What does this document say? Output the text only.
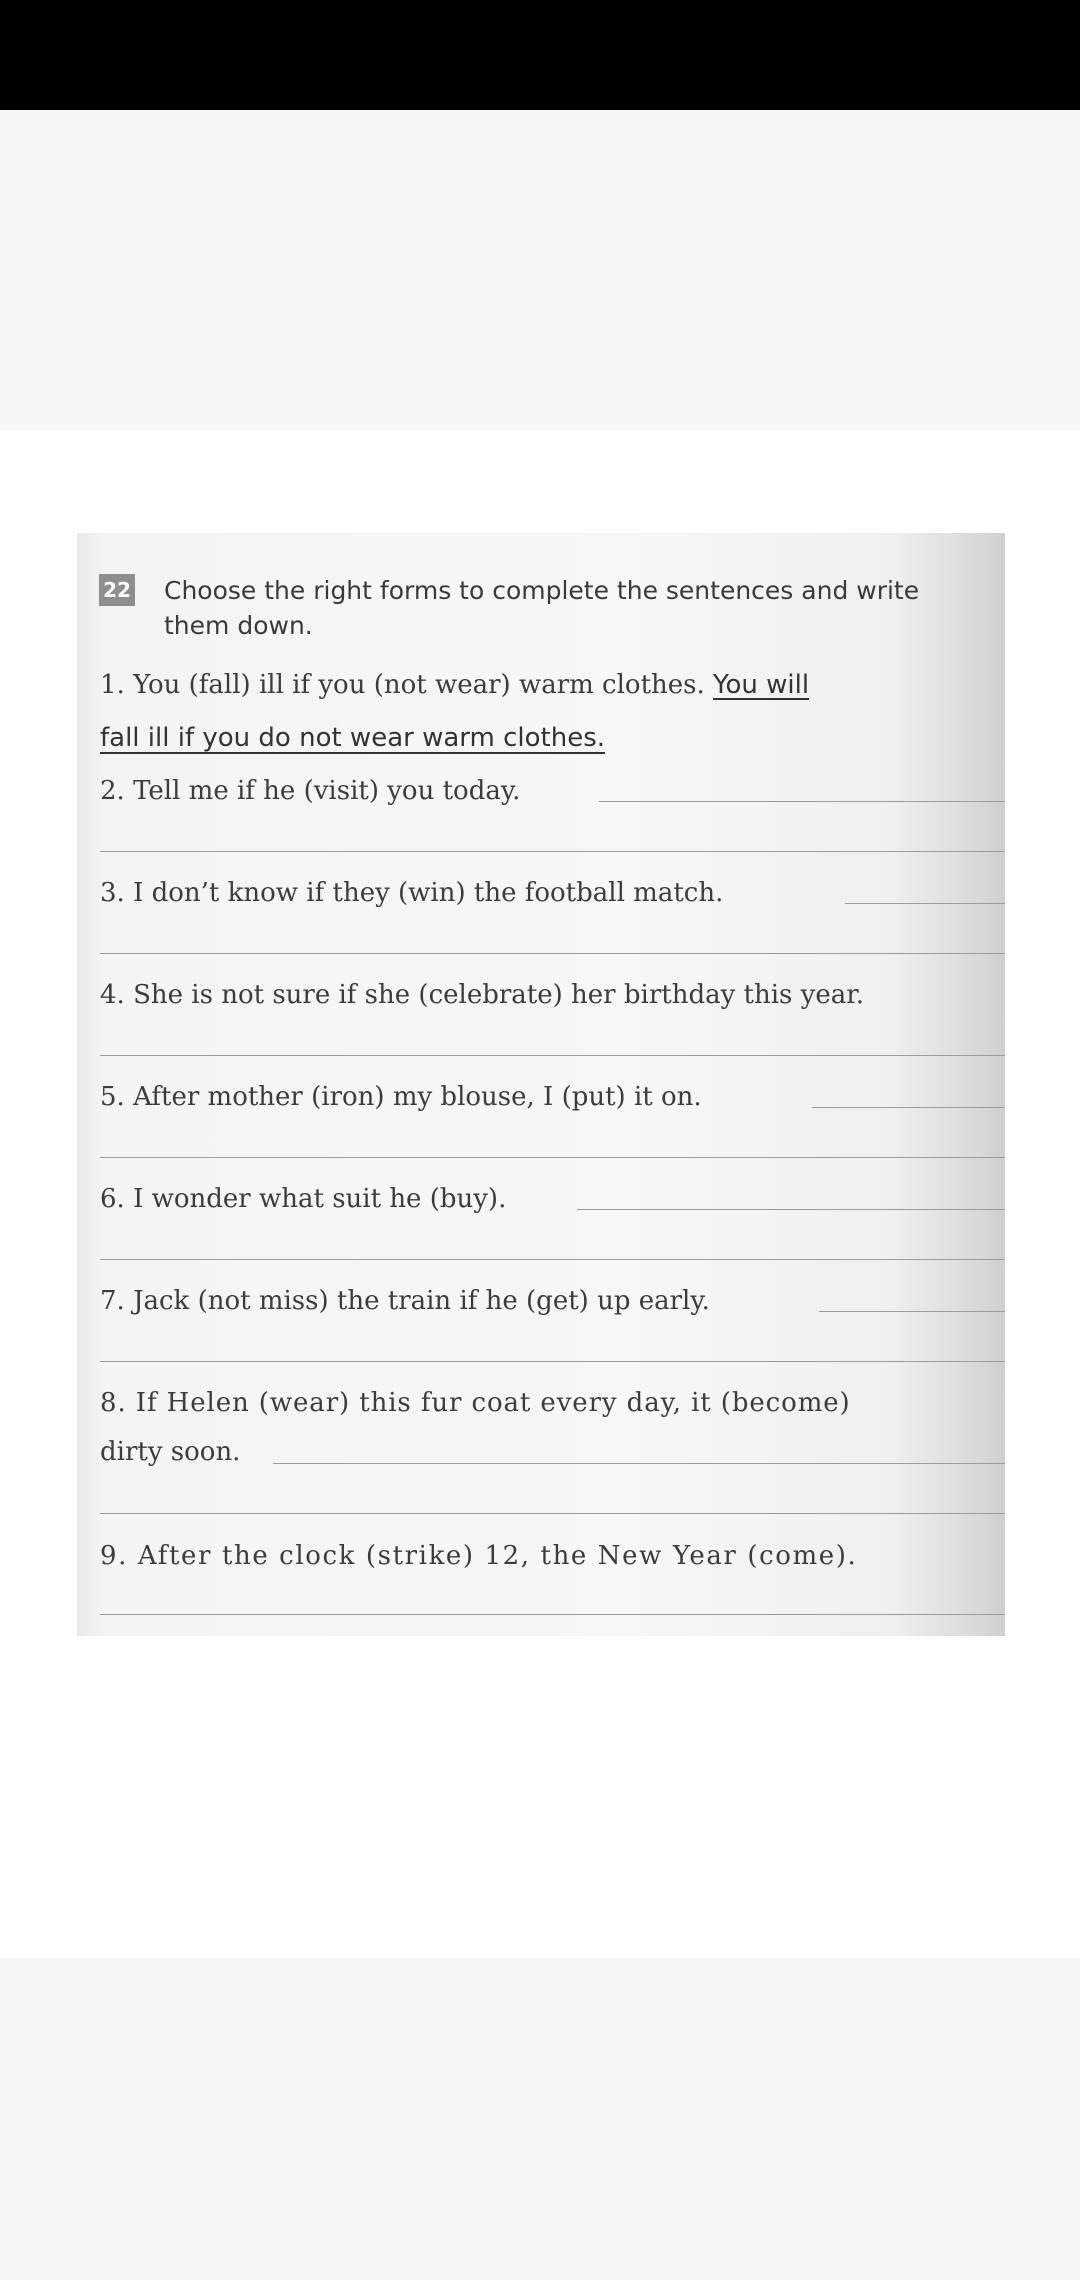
22 Choose the right forms to complete the sentences and write them down.
1. You (fall) ill if you (not wear) warm clothes. You will
fall ill if you do not wear warm clothes.
2. Tell me if he (visit) you today.
3. I don’t know if they (win) the football match.
4. She is not sure if she (celebrate) her birthday this year.
5. After mother (iron) my blouse, I (put) it on.
6. I wonder what suit he (buy).
7. Jack (not miss) the train if he (get) up early.
8. If Helen (wear) this fur coat every day, it (become)
dirty soon.
9. After the clock (strike) 12, the New Year (come).
